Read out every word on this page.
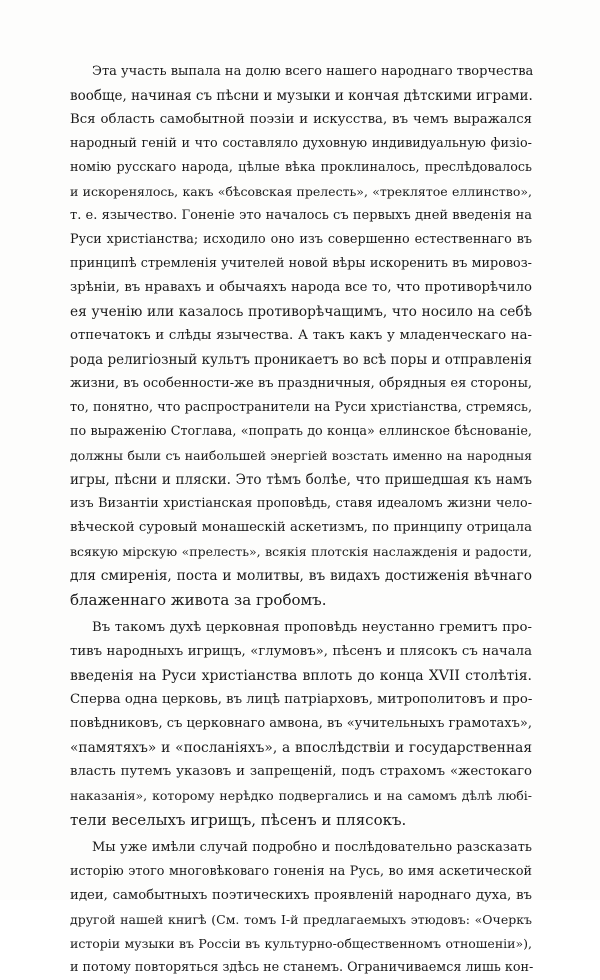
Эта участь выпала на долю всего нашего народнаго творчества
вообще, начиная съ пѣсни и музыки и кончая дѣтскими играми.
Вся область самобытной поэзіи и искусства, въ чемъ выражался
народный геній и что составляло духовную индивидуальную физіо-
номію русскаго народа, цѣлые вѣка проклиналось, преслѣдовалось
и искоренялось, какъ «бѣсовская прелесть», «треклятое еллинство»,
т. е. язычество. Гоненіе это началось съ первыхъ дней введенія на
Руси христіанства; исходило оно изъ совершенно естественнаго въ
принципѣ стремленія учителей новой вѣры искоренить въ мировоз-
зрѣніи, въ нравахъ и обычаяхъ народа все то, что противорѣчило
ея ученію или казалось противорѣчащимъ, что носило на себѣ
отпечатокъ и слѣды язычества. А такъ какъ у младенческаго на-
рода религіозный культъ проникаетъ во всѣ поры и отправленія
жизни, въ особенности-же въ праздничныя, обрядныя ея стороны,
то, понятно, что распространители на Руси христіанства, стремясь,
по выраженію Стоглава, «попрать до конца» еллинское бѣснованіе,
должны были съ наибольшей энергіей возстать именно на народныя
игры, пѣсни и пляски. Это тѣмъ болѣе, что пришедшая къ намъ
изъ Византіи христіанская проповѣдь, ставя идеаломъ жизни чело-
вѣческой суровый монашескій аскетизмъ, по принципу отрицала
всякую мірскую «прелесть», всякія плотскія наслажденія и радости,
для смиренія, поста и молитвы, въ видахъ достиженія вѣчнаго
блаженнаго живота за гробомъ.
Въ такомъ духѣ церковная проповѣдь неустанно гремитъ про-
тивъ народныхъ игрищъ, «глумовъ», пѣсенъ и плясокъ съ начала
введенія на Руси христіанства вплоть до конца XVII столѣтія.
Сперва одна церковь, въ лицѣ патріарховъ, митрополитовъ и про-
повѣдниковъ, съ церковнаго амвона, въ «учительныхъ грамотахъ»,
«памятяхъ» и «посланіяхъ», а впослѣдствіи и государственная
власть путемъ указовъ и запрещеній, подъ страхомъ «жестокаго
наказанія», которому нерѣдко подвергались и на самомъ дѣлѣ любі-
тели веселыхъ игрищъ, пѣсенъ и плясокъ.
Мы уже имѣли случай подробно и послѣдовательно разсказать
исторію этого многовѣковаго гоненія на Русь, во имя аскетической
идеи, самобытныхъ поэтическихъ проявленій народнаго духа, въ
другой нашей книгѣ (См. томъ I-й предлагаемыхъ этюдовъ: «Очеркъ
исторіи музыки въ Россіи въ культурно-общественномъ отношеніи»),
и потому повторяться здѣсь не станемъ. Ограничиваемся лишь кон-
